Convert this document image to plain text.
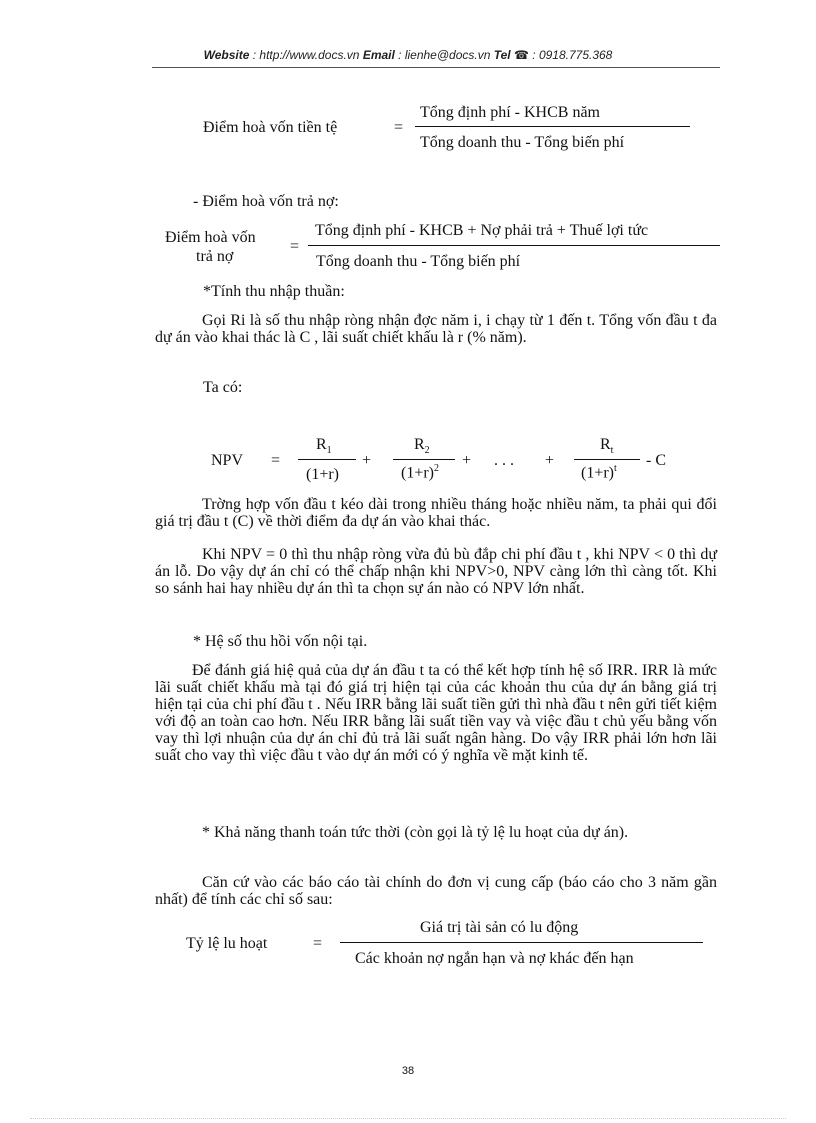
Website : http://www.docs.vn Email : lienhe@docs.vn Tel ☎ : 0918.775.368
Điểm hoà vốn tiền tệ	=
Tổng định phí - KHCB năm
Tổng doanh thu - Tổng biến phí
- Điểm hoà vốn trả nợ:
Điểm hoà vốn
trả nợ
=
Tổng định phí - KHCB + Nợ phải trả + Thuế lợi tức
Tổng doanh thu - Tổng biến phí
*Tính thu nhập thuần:
Gọi Ri là số thu nhập ròng nhận đợc năm i, i chạy từ 1 đến t. Tổng vốn đầu t đa dự án vào khai thác là C , lãi suất chiết khấu là r (% năm).
Ta có:
NPV =
$R_1$
(1+r)
+
$R_2$
$(1+r)^2$ + . . . +
$R_t$
$(1+r)^t - C$
Trờng hợp vốn đầu t kéo dài trong nhiều tháng hoặc nhiều năm, ta phải qui đổi giá trị đầu t (C) về thời điểm đa dự án vào khai thác.
Khi NPV = 0 thì thu nhập ròng vừa đủ bù đắp chi phí đầu t , khi NPV < 0 thì dự án lỗ. Do vậy dự án chỉ có thể chấp nhận khi NPV>0, NPV càng lớn thì càng tốt. Khi so sánh hai hay nhiều dự án thì ta chọn sự án nào có NPV lớn nhất.
* Hệ số thu hồi vốn nội tại.
Để đánh giá hiệ quả của dự án đầu t ta có thể kết hợp tính hệ số IRR. IRR là mức lãi suất chiết khấu mà tại đó giá trị hiện tại của các khoản thu của dự án bằng giá trị hiện tại của chi phí đầu t . Nếu IRR bằng lãi suất tiền gửi thì nhà đầu t nên gửi tiết kiệm với độ an toàn cao hơn. Nếu IRR bằng lãi suất tiền vay và việc đầu t chủ yếu bằng vốn vay thì lợi nhuận của dự án chỉ đủ trả lãi suất ngân hàng. Do vậy IRR phải lớn hơn lãi suất cho vay thì việc đầu t vào dự án mới có ý nghĩa về mặt kinh tế.
* Khả năng thanh toán tức thời (còn gọi là tỷ lệ lu hoạt của dự án).
Căn cứ vào các báo cáo tài chính do đơn vị cung cấp (báo cáo cho 3 năm gần nhất) để tính các chỉ số sau:
Tỷ lệ lu hoạt	=
Giá trị tài sản có lu động
Các khoản nợ ngắn hạn và nợ khác đến hạn
38
